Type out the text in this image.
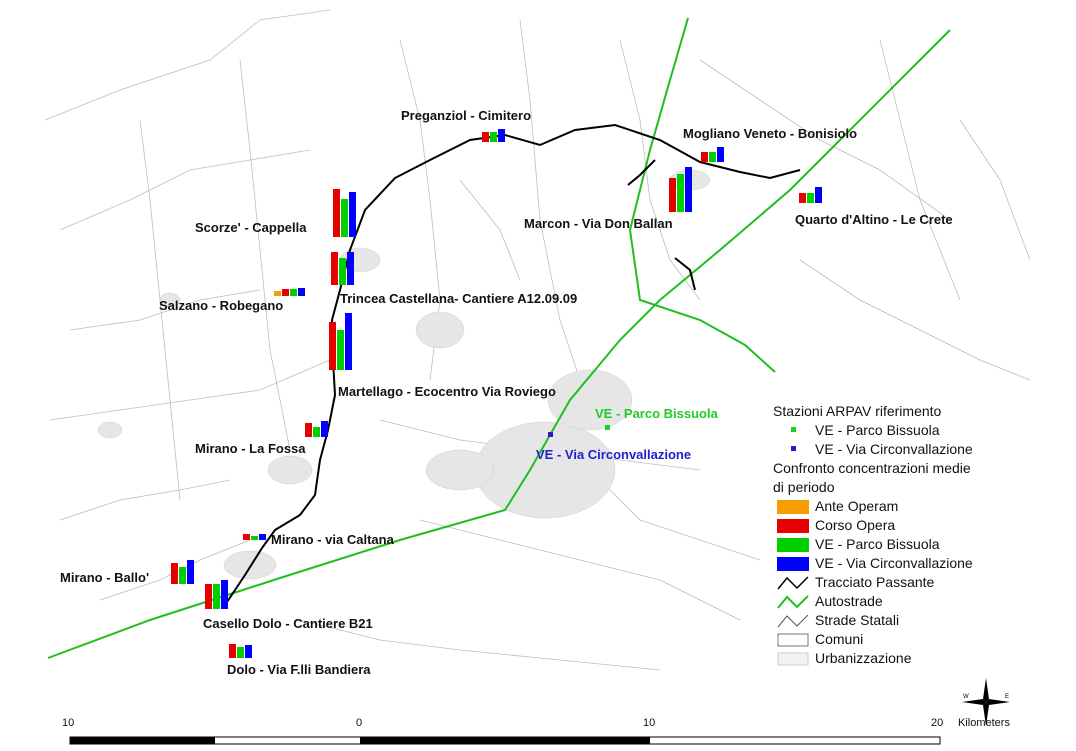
Preganziol - Cimitero
Mogliano Veneto - Bonisiolo
Marcon - Via Don Ballan	Quarto d'Altino - Le Crete
Scorze' - Cappella
Salzano - Robegano	Trincea Castellana- Cantiere A12.09.09
Martellago - Ecocentro Via Roviego
Mirano - La Fossa
Mirano - via Caltana
Mirano - Ballo'
Casello Dolo - Cantiere B21
Dolo - Via F.lli Bandiera
VE - Parco Bissuola
VE - Via Circonvallazione
Stazioni ARPAV riferimento
VE - Parco Bissuola
VE - Via Circonvallazione
Confronto concentrazioni medie
di periodo
Ante Operam
Corso Opera
VE - Parco Bissuola
VE - Via Circonvallazione
Tracciato Passante
Autostrade
Strade Statali
Comuni
Urbanizzazione
W	E
10	0	10	20 Kilometers
